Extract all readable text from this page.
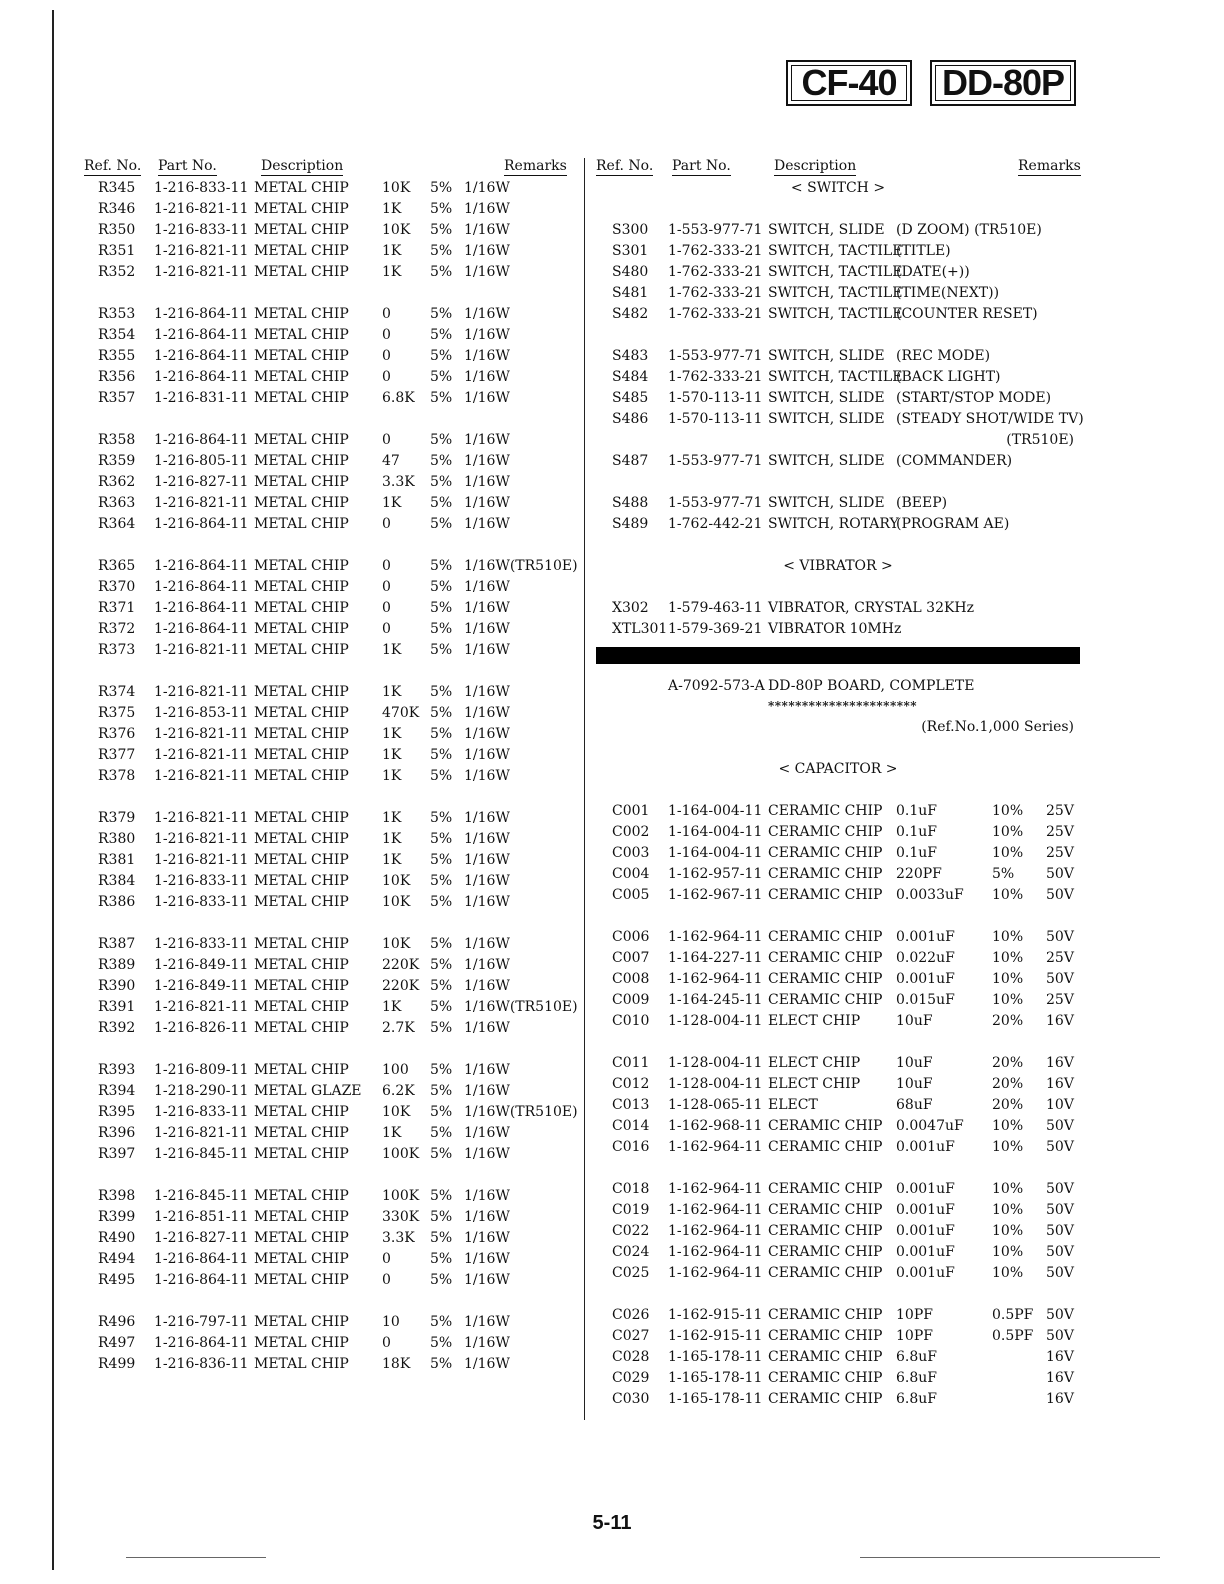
CF-40	DD-80P
Ref. No. Part No.	Description	Remarks
R345 1-216-833-11 METAL CHIP 10K 5% 1/16W
R346 1-216-821-11 METAL CHIP 1K 5% 1/16W
R350 1-216-833-11 METAL CHIP 10K 5% 1/16W
R351 1-216-821-11 METAL CHIP 1K 5% 1/16W
R352 1-216-821-11 METAL CHIP 1K 5% 1/16W
R353 1-216-864-11 METAL CHIP 0	5% 1/16W
R354 1-216-864-11 METAL CHIP 0	5% 1/16W
R355 1-216-864-11 METAL CHIP 0	5% 1/16W
R356 1-216-864-11 METAL CHIP 0	5% 1/16W
R357 1-216-831-11 METAL CHIP 6.8K 5% 1/16W
R358 1-216-864-11 METAL CHIP 0	5% 1/16W
R359 1-216-805-11 METAL CHIP 47 5% 1/16W
R362 1-216-827-11 METAL CHIP 3.3K 5% 1/16W
R363 1-216-821-11 METAL CHIP 1K 5% 1/16W
R364 1-216-864-11 METAL CHIP 0	5% 1/16W
R365 1-216-864-11 METAL CHIP 0	5% 1/16W(TR510E)
R370 1-216-864-11 METAL CHIP 0	5% 1/16W
R371 1-216-864-11 METAL CHIP 0	5% 1/16W
R372 1-216-864-11 METAL CHIP 0	5% 1/16W
R373 1-216-821-11 METAL CHIP 1K 5% 1/16W
R374 1-216-821-11 METAL CHIP 1K 5% 1/16W
R375 1-216-853-11 METAL CHIP 470K 5% 1/16W
R376 1-216-821-11 METAL CHIP 1K 5% 1/16W
R377 1-216-821-11 METAL CHIP 1K 5% 1/16W
R378 1-216-821-11 METAL CHIP 1K 5% 1/16W
R379 1-216-821-11 METAL CHIP 1K 5% 1/16W
R380 1-216-821-11 METAL CHIP 1K 5% 1/16W
R381 1-216-821-11 METAL CHIP 1K 5% 1/16W
R384 1-216-833-11 METAL CHIP 10K 5% 1/16W
R386 1-216-833-11 METAL CHIP 10K 5% 1/16W
R387 1-216-833-11 METAL CHIP 10K 5% 1/16W
R389 1-216-849-11 METAL CHIP 220K 5% 1/16W
R390 1-216-849-11 METAL CHIP 220K 5% 1/16W
R391 1-216-821-11 METAL CHIP 1K 5% 1/16W(TR510E)
R392 1-216-826-11 METAL CHIP 2.7K 5% 1/16W
R393 1-216-809-11 METAL CHIP 100 5% 1/16W
R394 1-218-290-11 METAL GLAZE 6.2K 5% 1/16W
R395 1-216-833-11 METAL CHIP 10K 5% 1/16W(TR510E)
R396 1-216-821-11 METAL CHIP 1K 5% 1/16W
R397 1-216-845-11 METAL CHIP 100K 5% 1/16W
R398 1-216-845-11 METAL CHIP 100K 5% 1/16W
R399 1-216-851-11 METAL CHIP 330K 5% 1/16W
R490 1-216-827-11 METAL CHIP 3.3K 5% 1/16W
R494 1-216-864-11 METAL CHIP 0	5% 1/16W
R495 1-216-864-11 METAL CHIP 0	5% 1/16W
R496 1-216-797-11 METAL CHIP 10 5% 1/16W
R497 1-216-864-11 METAL CHIP 0	5% 1/16W
R499 1-216-836-11 METAL CHIP 18K 5% 1/16W
Ref. No. Part No.	Description	Remarks
< SWITCH >
S300 1-553-977-71 SWITCH, SLIDE (D ZOOM) (TR510E)
S301 1-762-333-21 SWITCH, TACTILE
(TITLE)
S480 1-762-333-21 SWITCH, TACTILE
(DATE(+))
S481 1-762-333-21 SWITCH, TACTILE
(TIME(NEXT))
S482 1-762-333-21 SWITCH, TACTILE
(COUNTER RESET)
S483 1-553-977-71 SWITCH, SLIDE (REC MODE)
S484 1-762-333-21 SWITCH, TACTILE
(BACK LIGHT)
S485 1-570-113-11 SWITCH, SLIDE (START/STOP MODE)
S486 1-570-113-11 SWITCH, SLIDE (STEADY SHOT/WIDE TV)
(TR510E)
S487 1-553-977-71 SWITCH, SLIDE (COMMANDER)
S488 1-553-977-71 SWITCH, SLIDE (BEEP)
S489 1-762-442-21 SWITCH, ROTARY
(PROGRAM AE)
< VIBRATOR >
X302 1-579-463-11 VIBRATOR, CRYSTAL 32KHz
XTL301 1-579-369-21 VIBRATOR 10MHz
A-7092-573-A DD-80P BOARD, COMPLETE
**********************
(Ref.No.1,000 Series)
< CAPACITOR >
C001 1-164-004-11 CERAMIC CHIP 0.1uF	10% 25V
C002 1-164-004-11 CERAMIC CHIP 0.1uF	10% 25V
C003 1-164-004-11 CERAMIC CHIP 0.1uF	10% 25V
C004 1-162-957-11 CERAMIC CHIP 220PF	5% 50V
C005 1-162-967-11 CERAMIC CHIP 0.0033uF 10% 50V
C006 1-162-964-11 CERAMIC CHIP 0.001uF	10% 50V
C007 1-164-227-11 CERAMIC CHIP 0.022uF	10% 25V
C008 1-162-964-11 CERAMIC CHIP 0.001uF	10% 50V
C009 1-164-245-11 CERAMIC CHIP 0.015uF	10% 25V
C010 1-128-004-11 ELECT CHIP	10uF	20% 16V
C011 1-128-004-11 ELECT CHIP	10uF	20% 16V
C012 1-128-004-11 ELECT CHIP	10uF	20% 16V
C013 1-128-065-11 ELECT	68uF	20% 10V
C014 1-162-968-11 CERAMIC CHIP 0.0047uF 10% 50V
C016 1-162-964-11 CERAMIC CHIP 0.001uF	10% 50V
C018 1-162-964-11 CERAMIC CHIP 0.001uF	10% 50V
C019 1-162-964-11 CERAMIC CHIP 0.001uF	10% 50V
C022 1-162-964-11 CERAMIC CHIP 0.001uF	10% 50V
C024 1-162-964-11 CERAMIC CHIP 0.001uF	10% 50V
C025 1-162-964-11 CERAMIC CHIP 0.001uF	10% 50V
C026 1-162-915-11 CERAMIC CHIP 10PF	0.5PF 50V
C027 1-162-915-11 CERAMIC CHIP 10PF	0.5PF 50V
C028 1-165-178-11 CERAMIC CHIP 6.8uF	16V
C029 1-165-178-11 CERAMIC CHIP 6.8uF	16V
C030 1-165-178-11 CERAMIC CHIP 6.8uF	16V
5-11
